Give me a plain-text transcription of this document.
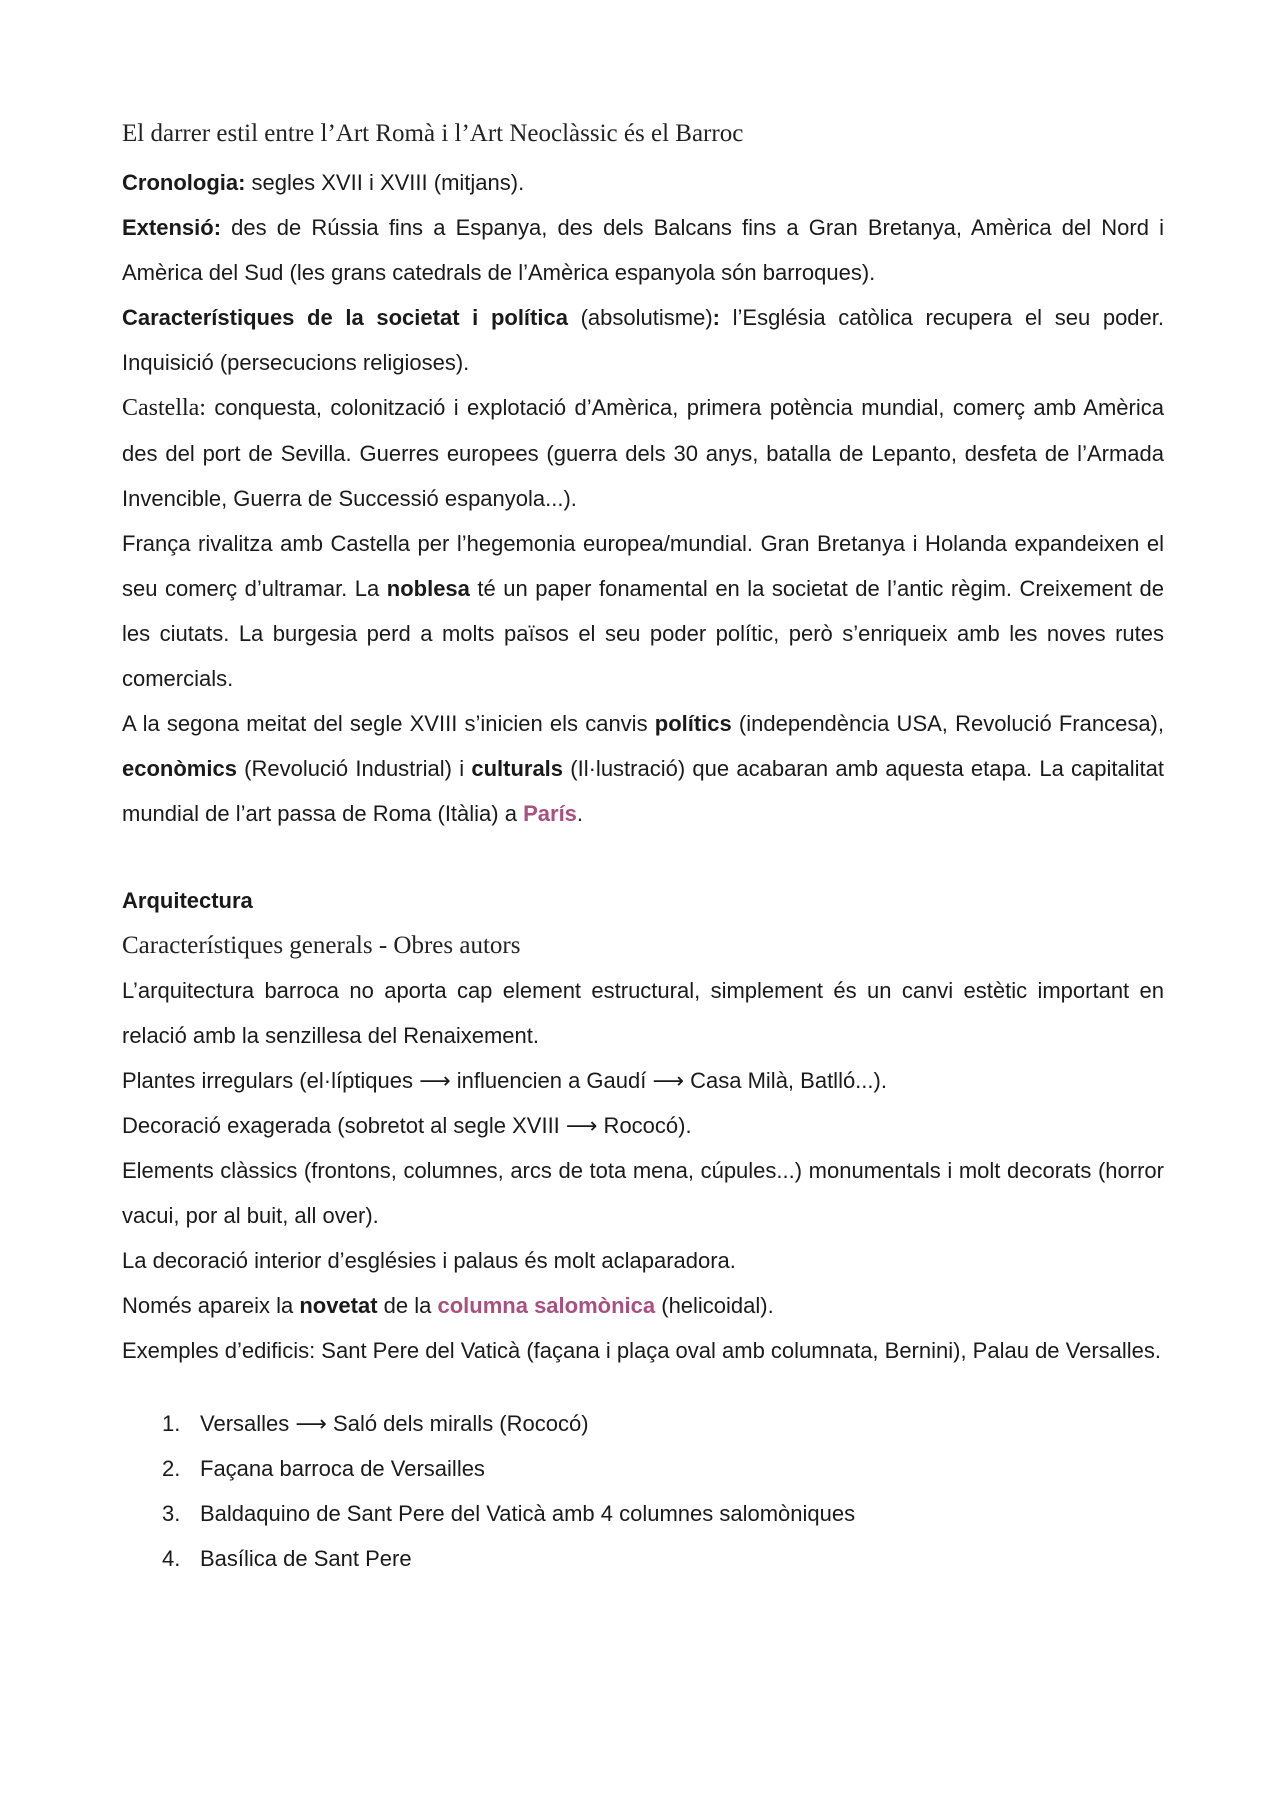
El darrer estil entre l’Art Romà i l’Art Neoclàssic és el Barroc

Cronologia: segles XVII i XVIII (mitjans).

Extensió: des de Rússia fins a Espanya, des dels Balcans fins a Gran Bretanya, Amèrica del Nord i Amèrica del Sud (les grans catedrals de l’Amèrica espanyola són barroques).

Característiques de la societat i política (absolutisme): l’Església catòlica recupera el seu poder. Inquisició (persecucions religioses).

Castella: conquesta, colonització i explotació d’Amèrica, primera potència mundial, comerç amb Amèrica des del port de Sevilla. Guerres europees (guerra dels 30 anys, batalla de Lepanto, desfeta de l’Armada Invencible, Guerra de Successió espanyola...).

França rivalitza amb Castella per l’hegemonia europea/mundial. Gran Bretanya i Holanda expandeixen el seu comerç d’ultramar. La noblesa té un paper fonamental en la societat de l’antic règim. Creixement de les ciutats. La burgesia perd a molts països el seu poder polític, però s’enriqueix amb les noves rutes comercials.

A la segona meitat del segle XVIII s’inicien els canvis polítics (independència USA, Revolució Francesa), econòmics (Revolució Industrial) i culturals (Il·lustració) que acabaran amb aquesta etapa. La capitalitat mundial de l’art passa de Roma (Itàlia) a París.

Arquitectura

Característiques generals - Obres autors

L’arquitectura barroca no aporta cap element estructural, simplement és un canvi estètic important en relació amb la senzillesa del Renaixement.

Plantes irregulars (el·líptiques ⟶ influencien a Gaudí ⟶ Casa Milà, Batlló...).

Decoració exagerada (sobretot al segle XVIII ⟶ Rococó).

Elements clàssics (frontons, columnes, arcs de tota mena, cúpules...) monumentals i molt decorats (horror vacui, por al buit, all over).

La decoració interior d’esglésies i palaus és molt aclaparadora.

Només apareix la novetat de la columna salomònica (helicoidal).

Exemples d’edificis: Sant Pere del Vaticà (façana i plaça oval amb columnata, Bernini), Palau de Versalles.

1. Versalles ⟶ Saló dels miralls (Rococó)
2. Façana barroca de Versailles
3. Baldaquino de Sant Pere del Vaticà amb 4 columnes salomòniques
4. Basílica de Sant Pere
